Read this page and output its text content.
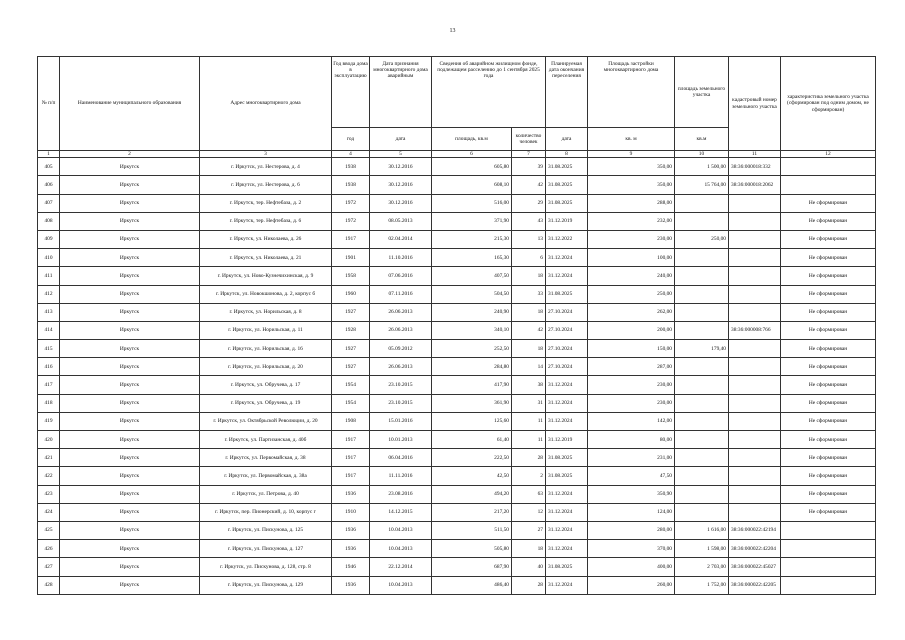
13
№ п/п	Наименование муниципального образования	Адрес многоквартирного дома	Год ввода дома в эксплуатацию	Дата признания многоквартирного дома аварийным	Сведения об аварийном жилищном фонде, подлежащем расселению до 1 сентября 2025 года		Планируемая дата окончания переселения	Площадь застройки многоквартирного дома	площадь земельного участка	кадастровый номер земельного участка	характеристика земельного участка (сформирован под одним домом, не сформирован)
			год	дата	площадь, кв.м	количество человек	дата	кв. м	кв.м		
1	2	3	4	5	6	7	8	9	10	11	12
405	Иркутск	г. Иркутск, ул. Нестерова, д. 4	1938	30.12.2016	605,80	39	31.08.2025	350,00	1 500,00	38:36:000018:332	
406	Иркутск	г. Иркутск, ул. Нестерова, д. 6	1938	30.12.2016	608,10	42	31.08.2025	350,00	15 764,00	38:36:000018:2062	
407	Иркутск	г. Иркутск, тер. Нефтебаза, д. 2	1972	30.12.2016	516,00	29	31.08.2025	288,00			Не сформирован
408	Иркутск	г. Иркутск, тер. Нефтебаза, д. 6	1972	08.05.2013	371,90	43	31.12.2019	232,00			Не сформирован
409	Иркутск	г. Иркутск, ул. Николаева, д. 26	1917	02.04.2014	215,30	13	31.12.2022	230,00	250,00		Не сформирован
410	Иркутск	г. Иркутск, ул. Николаева, д. 21	1901	11.10.2016	165,30	6	31.12.2024	100,00			Не сформирован
411	Иркутск	г. Иркутск, ул. Ново-Кузнечихинская, д. 9	1958	07.06.2016	407,50	18	31.12.2024	240,00			Не сформирован
412	Иркутск	г. Иркутск, ул. Новокшонова, д. 2, корпус б	1960	07.11.2016	504,50	33	31.08.2025	250,00			Не сформирован
413	Иркутск	г. Иркутск, ул. Норильская, д. 8	1927	26.06.2013	240,90	18	27.10.2024	262,00			Не сформирован
414	Иркутск	г. Иркутск, ул. Норильская, д. 11	1928	26.06.2013	340,10	42	27.10.2024	200,00		38:36:000008:766	Не сформирован
415	Иркутск	г. Иркутск, ул. Норильская, д. 16	1927	05.09.2012	252,50	18	27.10.2024	150,00	179,40		Не сформирован
416	Иркутск	г. Иркутск, ул. Норильская, д. 20	1927	26.06.2013	284,80	14	27.10.2024	287,00			Не сформирован
417	Иркутск	г. Иркутск, ул. Обручева, д. 17	1954	23.10.2015	417,90	38	31.12.2024	230,00			Не сформирован
418	Иркутск	г. Иркутск, ул. Обручева, д. 19	1954	23.10.2015	361,90	31	31.12.2024	230,00			Не сформирован
419	Иркутск	г. Иркутск, ул. Октябрьской Революции, д. 20	1908	15.01.2016	125,60	11	31.12.2024	142,00			Не сформирован
420	Иркутск	г. Иркутск, ул. Партизанская, д. 40б	1917	10.01.2013	61,40	11	31.12.2019	80,00			Не сформирован
421	Иркутск	г. Иркутск, ул. Первомайская, д. 38	1917	06.04.2016	222,50	28	31.08.2025	231,00			Не сформирован
422	Иркутск	г. Иркутск, ул. Первомайская, д. 38а	1917	11.11.2016	42,50	2	31.08.2025	47,50			Не сформирован
423	Иркутск	г. Иркутск, ул. Петрова, д. 40	1936	23.08.2016	494,20	63	31.12.2024	350,90			Не сформирован
424	Иркутск	г. Иркутск, пер. Пионерский, д. 10, корпус г	1910	14.12.2015	217,20	12	31.12.2024	124,00			Не сформирован
425	Иркутск	г. Иркутск, ул. Пискунова, д. 125	1936	10.04.2013	511,50	27	31.12.2024	280,00	1 616,00	38:36:000022:42194	
426	Иркутск	г. Иркутск, ул. Пискунова, д. 127	1936	10.04.2013	505,80	18	31.12.2024	370,00	1 598,00	38:36:000022:42204	
427	Иркутск	г. Иркутск, ул. Пискунова, д. 128, стр. 8	1946	22.12.2014	687,90	40	31.08.2025	400,00	2 703,00	38:36:000022:45027	
428	Иркутск	г. Иркутск, ул. Пискунова, д. 129	1936	10.04.2013	486,40	28	31.12.2024	260,00	1 752,00	38:36:000022:42205	
